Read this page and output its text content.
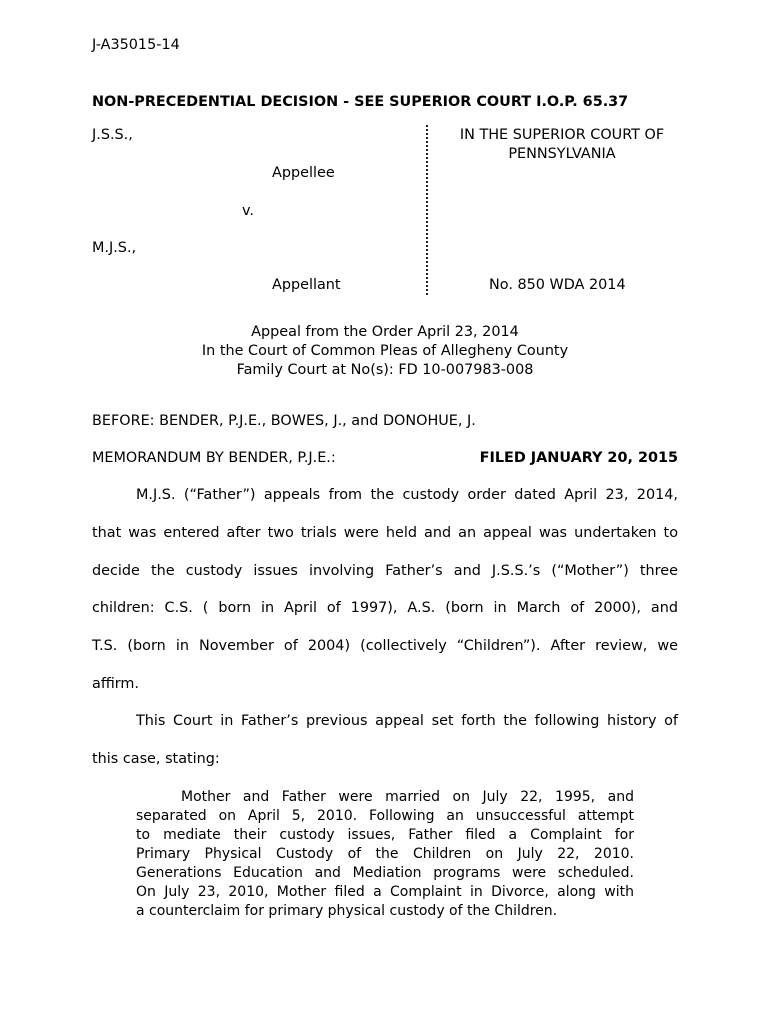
J-A35015-14
NON-PRECEDENTIAL DECISION - SEE SUPERIOR COURT I.O.P. 65.37
J.S.S.,
Appellee
v.
M.J.S.,
Appellant
IN THE SUPERIOR COURT OF
PENNSYLVANIA
No. 850 WDA 2014
Appeal from the Order April 23, 2014
In the Court of Common Pleas of Allegheny County
Family Court at No(s): FD 10-007983-008
BEFORE: BENDER, P.J.E., BOWES, J., and DONOHUE, J.
MEMORANDUM BY BENDER, P.J.E.:	FILED JANUARY 20, 2015
M.J.S. (“Father”) appeals from the custody order dated April 23, 2014,
that was entered after two trials were held and an appeal was undertaken to
decide the custody issues involving Father’s and J.S.S.’s (“Mother”) three
children: C.S. ( born in April of 1997), A.S. (born in March of 2000), and
T.S. (born in November of 2004) (collectively “Children”). After review, we
affirm.
This Court in Father’s previous appeal set forth the following history of
this case, stating:
Mother and Father were married on July 22, 1995, and
separated on April 5, 2010. Following an unsuccessful attempt
to mediate their custody issues, Father filed a Complaint for
Primary Physical Custody of the Children on July 22, 2010.
Generations Education and Mediation programs were scheduled.
On July 23, 2010, Mother filed a Complaint in Divorce, along with
a counterclaim for primary physical custody of the Children.
